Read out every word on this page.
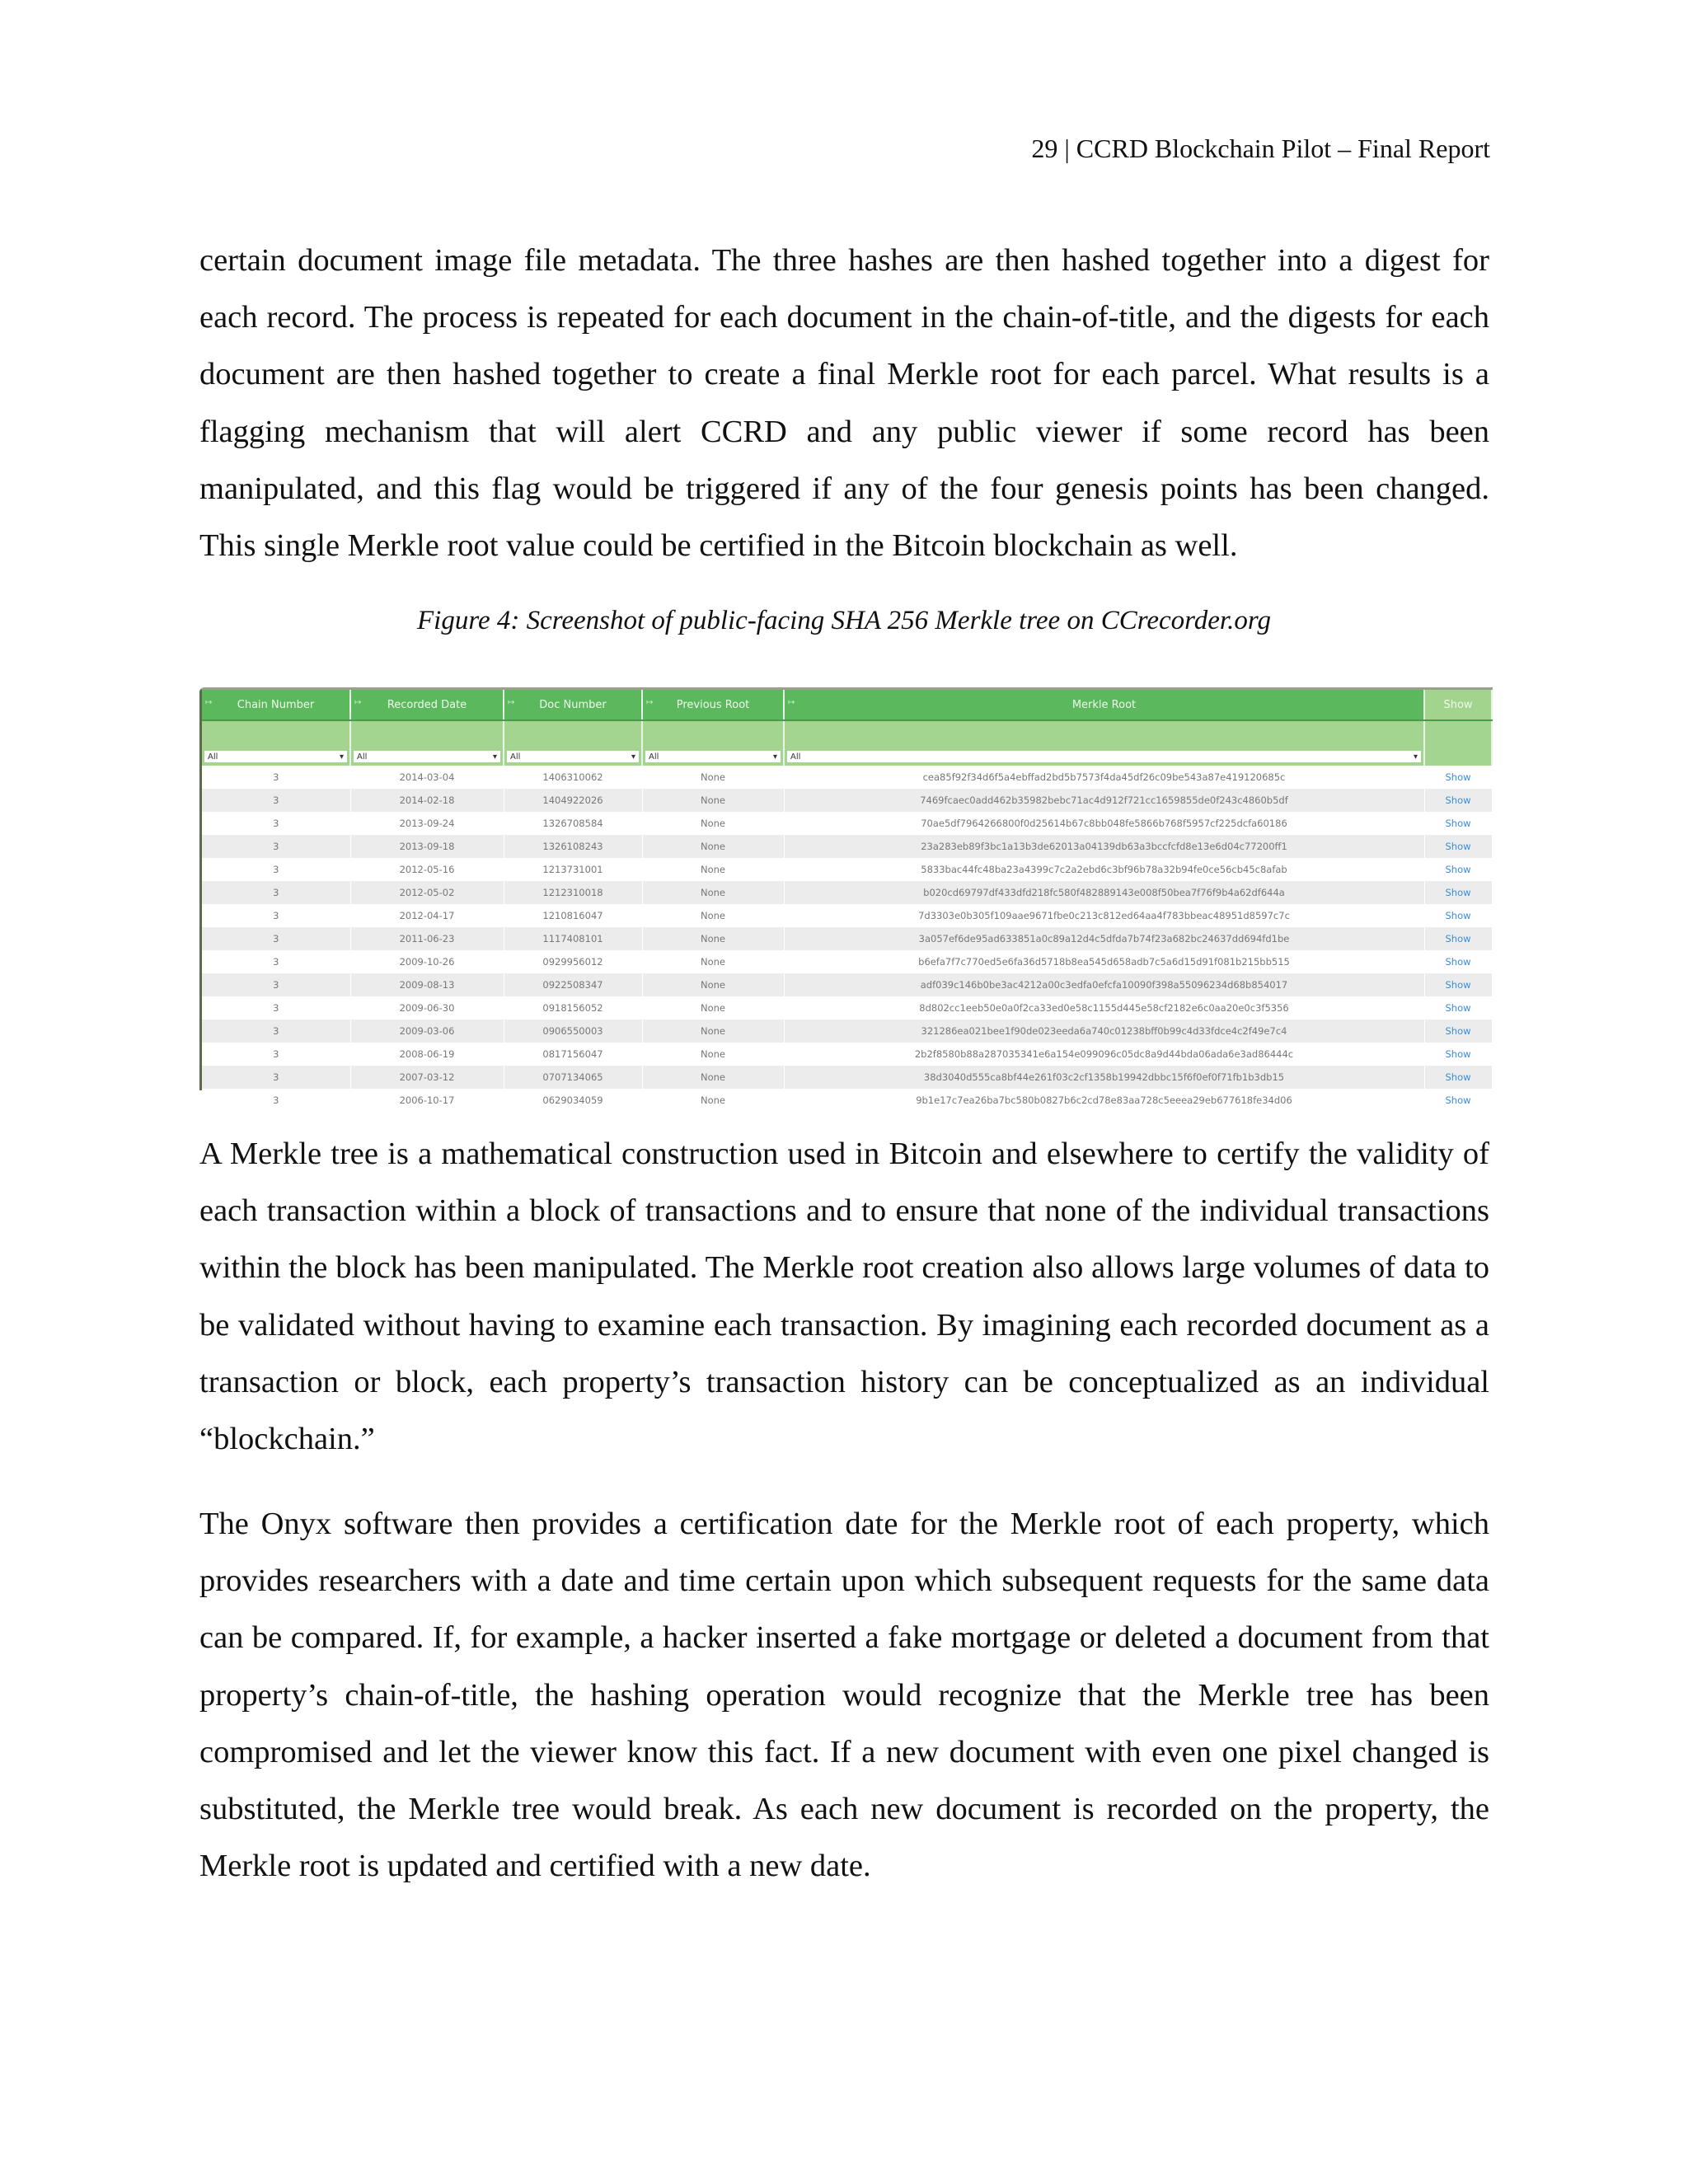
29 | CCRD Blockchain Pilot – Final Report

certain document image file metadata. The three hashes are then hashed together into a digest for each record. The process is repeated for each document in the chain-of-title, and the digests for each document are then hashed together to create a final Merkle root for each parcel. What results is a flagging mechanism that will alert CCRD and any public viewer if some record has been manipulated, and this flag would be triggered if any of the four genesis points has been changed. This single Merkle root value could be certified in the Bitcoin blockchain as well.

Figure 4: Screenshot of public-facing SHA 256 Merkle tree on CCrecorder.org
↦ Chain Number	↦ Recorded Date	↦ Doc Number	↦ Previous Root	↦ Merkle Root	Show

All ▾	All ▾	All ▾	All ▾	All ▾	

3	2014-03-04	1406310062	None	cea85f92f34d6f5a4ebffad2bd5b7573f4da45df26c09be543a87e419120685c	Show
3	2014-02-18	1404922026	None	7469fcaec0add462b35982bebc71ac4d912f721cc1659855de0f243c4860b5df	Show
3	2013-09-24	1326708584	None	70ae5df7964266800f0d25614b67c8bb048fe5866b768f5957cf225dcfa60186	Show
3	2013-09-18	1326108243	None	23a283eb89f3bc1a13b3de62013a04139db63a3bccfcfd8e13e6d04c77200ff1	Show
3	2012-05-16	1213731001	None	5833bac44fc48ba23a4399c7c2a2ebd6c3bf96b78a32b94fe0ce56cb45c8afab	Show
3	2012-05-02	1212310018	None	b020cd69797df433dfd218fc580f482889143e008f50bea7f76f9b4a62df644a	Show
3	2012-04-17	1210816047	None	7d3303e0b305f109aae9671fbe0c213c812ed64aa4f783bbeac48951d8597c7c	Show
3	2011-06-23	1117408101	None	3a057ef6de95ad633851a0c89a12d4c5dfda7b74f23a682bc24637dd694fd1be	Show
3	2009-10-26	0929956012	None	b6efa7f7c770ed5e6fa36d5718b8ea545d658adb7c5a6d15d91f081b215bb515	Show
3	2009-08-13	0922508347	None	adf039c146b0be3ac4212a00c3edfa0efcfa10090f398a55096234d68b854017	Show
3	2009-06-30	0918156052	None	8d802cc1eeb50e0a0f2ca33ed0e58c1155d445e58cf2182e6c0aa20e0c3f5356	Show
3	2009-03-06	0906550003	None	321286ea021bee1f90de023eeda6a740c01238bff0b99c4d33fdce4c2f49e7c4	Show
3	2008-06-19	0817156047	None	2b2f8580b88a287035341e6a154e099096c05dc8a9d44bda06ada6e3ad86444c	Show
3	2007-03-12	0707134065	None	38d3040d555ca8bf44e261f03c2cf1358b19942dbbc15f6f0ef0f71fb1b3db15	Show
3	2006-10-17	0629034059	None	9b1e17c7ea26ba7bc580b0827b6c2cd78e83aa728c5eeea29eb677618fe34d06	Show

A Merkle tree is a mathematical construction used in Bitcoin and elsewhere to certify the validity of each transaction within a block of transactions and to ensure that none of the individual transactions within the block has been manipulated. The Merkle root creation also allows large volumes of data to be validated without having to examine each transaction. By imagining each recorded document as a transaction or block, each property’s transaction history can be conceptualized as an individual “blockchain.”

The Onyx software then provides a certification date for the Merkle root of each property, which provides researchers with a date and time certain upon which subsequent requests for the same data can be compared. If, for example, a hacker inserted a fake mortgage or deleted a document from that property’s chain-of-title, the hashing operation would recognize that the Merkle tree has been compromised and let the viewer know this fact. If a new document with even one pixel changed is substituted, the Merkle tree would break. As each new document is recorded on the property, the Merkle root is updated and certified with a new date.
